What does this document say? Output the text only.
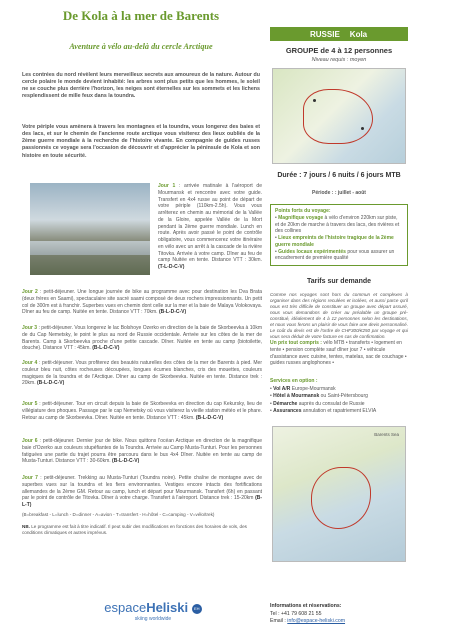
De Kola à la mer de Barents
Aventure à vélo au-delà du cercle Arctique
Les contrées du nord révèlent leurs merveilleux secrets aux amoureux de la nature. Autour du cercle polaire le monde devient inhabité: les arbres sont plus petits que les hommes, le soleil ne se couche plus derrière l'horizon, les neiges sont éternelles sur les sommets et les lichens resplendissent de mille feux dans la toundra.
Votre périple vous amènera à travers les montagnes et la toundra, vous longerez des baies et des lacs, et sur le chemin de l'ancienne route arctique vous visiterez des lieux oubliés de la 2ème guerre mondiale à la recherche de l'histoire vivante. En compagnie de guides russes passionnés ce voyage sera l'occasion de découvrir et d'apprécier la péninsule de Kola et son histoire en toute sécurité.
Jour 1 : arrivée matinale à l'aéroport de Mourmansk et rencontre avec votre guide. Transfert en 4x4 russe au point de départ de votre périple (110km-2.5h). Vous vous arrêterez en chemin au mémorial de la Vallée de la Gloire, appelée Vallée de la Mort pendant la 2ème guerre mondiale. Lunch en route. Après avoir passé le point de contrôle obligatoire, vous commencerez votre itinéraire en vélo avec un arrêt à la cascade de la rivière Titovka. Arrivée à votre camp. Dîner au feu de camp Nuitée en tente. Distance VTT : 30km. (T-L-D-C-V)
Jour 2 : petit-déjeuner. Une longue journée de bike au programme avec pour destination les Dva Brata (deux frères en Saami), spectaculaire site sacré saami composé de deux rochers impressionnants. Un petit col de 300m est à franchir. Superbes vues en chemin dont celle sur la mer et la baie de Malaya Volokovaya. Dîner au feu de camp. Nuitée en tente. Distance VTT : 70km. (B-L-D-C-V)
Jour 3 : petit-déjeuner. Vous longerez le lac Bolshoye Ozerko en direction de la baie de Skorbeevka à 10km de du Cap Nemetsky, le point le plus au nord de Russie occidentale. Arrivée sur les côtes de la mer de Barents. Camp à Skorbeevka proche d'une petite cascade. Dîner. Nuitée en tente au camp (biotoilette, douche). Distance VTT : 45km. (B-L-D-C-V)
Jour 4 : petit-déjeuner. Vous profiterez des beautés naturelles des côtes de la mer de Barents à pied. Mer couleur bleu nuit, côtes rocheuses découpées, longues écumes blanches, cris des mouettes, couleurs magiques de la toundra et de l'Arctique. Dîner au camp de Skorbeevka. Nuitée en tente. Distance trek : 20km. (B-L-D-C-V)
Jour 5 : petit-déjeuner. Tour en circuit depuis la baie de Skorbeevka en direction du cap Kekursky, lieu de villégiature des phoques. Passage par le cap Nemetsky où vous visiterez la vieille station météo et le phare. Retour au camp de Skorbeevka. Dîner. Nuitée en tente. Distance VTT : 45km. (B-L-D-C-V)
Jour 6 : petit-déjeuner. Dernier jour de bike. Nous quittons l'océan Arctique en direction de la magnifique baie d'Ozerko aux couleurs stupéfiantes de la Toundra. Arrivée au Camp Musta-Tunturi. Pour les personnes fatiguées une partie du trajet pourra être parcouru dans le bus 4x4 Dîner. Nuitée en tente au camp de Musta-Tunturi. Distance VTT : 30-60km. (B-L-D-C-V)
Jour 7 : petit-déjeuner. Trekking au Musta-Tunturi (Toundra noire). Petite chaîne de montagne avec de superbes vues sur la toundra et les fiers environnantes. Vestiges encore intacts des fortifications allemandes de la 2ème GM. Retour au camp, lunch et départ pour Mourmansk. Transfert (6h) en passant par le point de contrôle de Titovka. Dîner à votre charge. Transfert à l'aéroport. Distance trek : 15-20km (B-L-T)
(B=breakfast - L=lunch - D=dinner - A=avion - T=transfert - H=hôtel - C=camping - V=vélo/trek)
NB. Le programme est fait à titre indicatif. Il peut subir des modifications en fonctions des horaires de vols, des conditions climatiques et autres imprévus.
RUSSIE Kola
GROUPE de 4 à 12 personnes
Niveau requis : moyen
Durée : 7 jours / 6 nuits / 6 jours MTB
Période : : juillet - août
Points forts du voyage:
• Magnifique voyage à vélo d'environ 220km sur piste, et de 20km de marche à travers des lacs, des rivières et des collines
• Lieux empreints de l'histoire tragique de la 2ème guerre mondiale
• Guides locaux expérimentés pour vous assurer un encadrement de première qualité
Tarifs sur demande
Comme nos voyages sont hors du commun et complexes à organiser dans des régions reculées et isolées, et aussi parce qu'il nous est très difficile de constituer un groupe avec départ assuré, nous vous demandons de créer au préalable un groupe pré-constitué, idéalement de 4 à 12 personnes selon les destinations, et nous vous ferons un plaisir de vous faire une devis personnalisé. Le coût du devis est de l'ordre de CHF300/€250 par voyage et qui vous sera déduit de votre facture en cas de confirmation.
Un prix tout compris : vélo MTB • transferts • logement en tente • pension complète sauf dîner jour 7 • véhicule d'assistance avec cuisine, tentes, matelas, sac de couchage • guides russes anglophones •
Services en option :
• Vol A/R Europe-Mourmansk
• Hôtel à Mourmansk ou Saint-Pétersbourg
• Démarche auprès du consulat de Russie
• Assurances annulation et rapatriement ELVIA
Barents Sea
espaceHeliski EH
skiing worldwide
Informations et réservations:
Tel : +41 79 608 21 55
Email : info@espace-heliski.com
